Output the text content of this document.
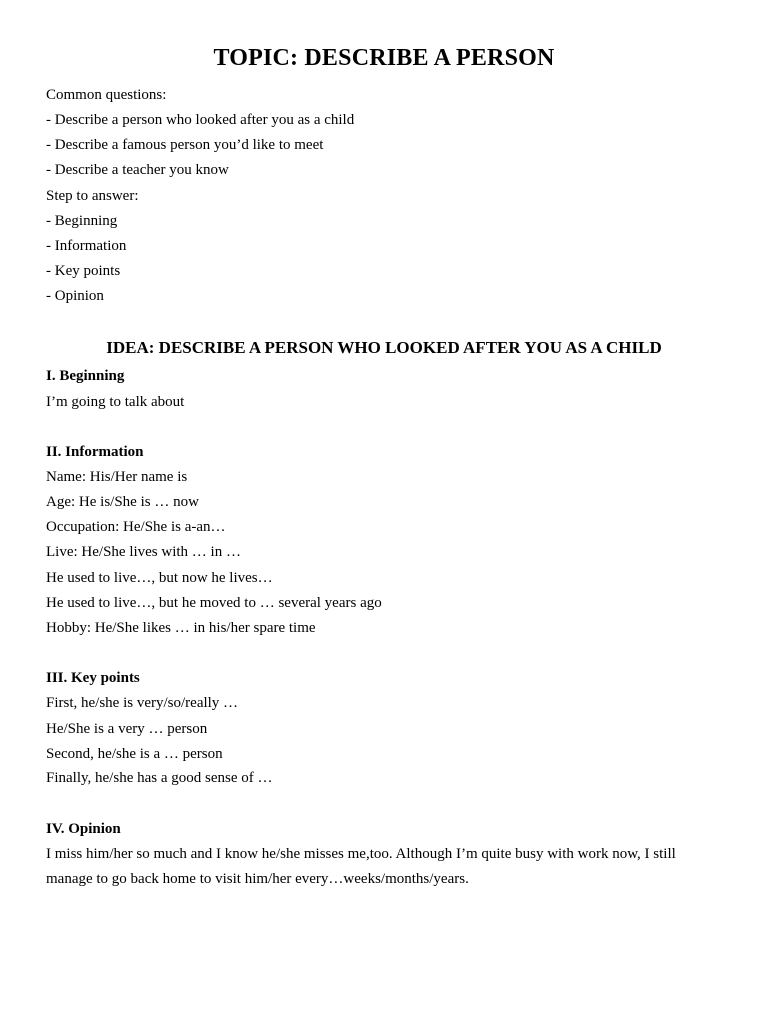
TOPIC: DESCRIBE A PERSON
Common questions:
- Describe a person who looked after you as a child
- Describe a famous person you’d like to meet
- Describe a teacher you know
Step to answer:
- Beginning
- Information
- Key points
- Opinion
IDEA: DESCRIBE A PERSON WHO LOOKED AFTER YOU AS A CHILD
I. Beginning
I’m going to talk about
II. Information
Name: His/Her name is
Age: He is/She is … now
Occupation: He/She is a-an…
Live: He/She lives with … in …
He used to live…, but now he lives…
He used to live…, but he moved to … several years ago
Hobby: He/She likes … in his/her spare time
III. Key points
First, he/she is very/so/really …
He/She is a very … person
Second, he/she is a … person
Finally, he/she has a good sense of …
IV. Opinion
I miss him/her so much and I know he/she misses me,too. Although I’m quite busy with work now, I still manage to go back home to visit him/her every…weeks/months/years.
